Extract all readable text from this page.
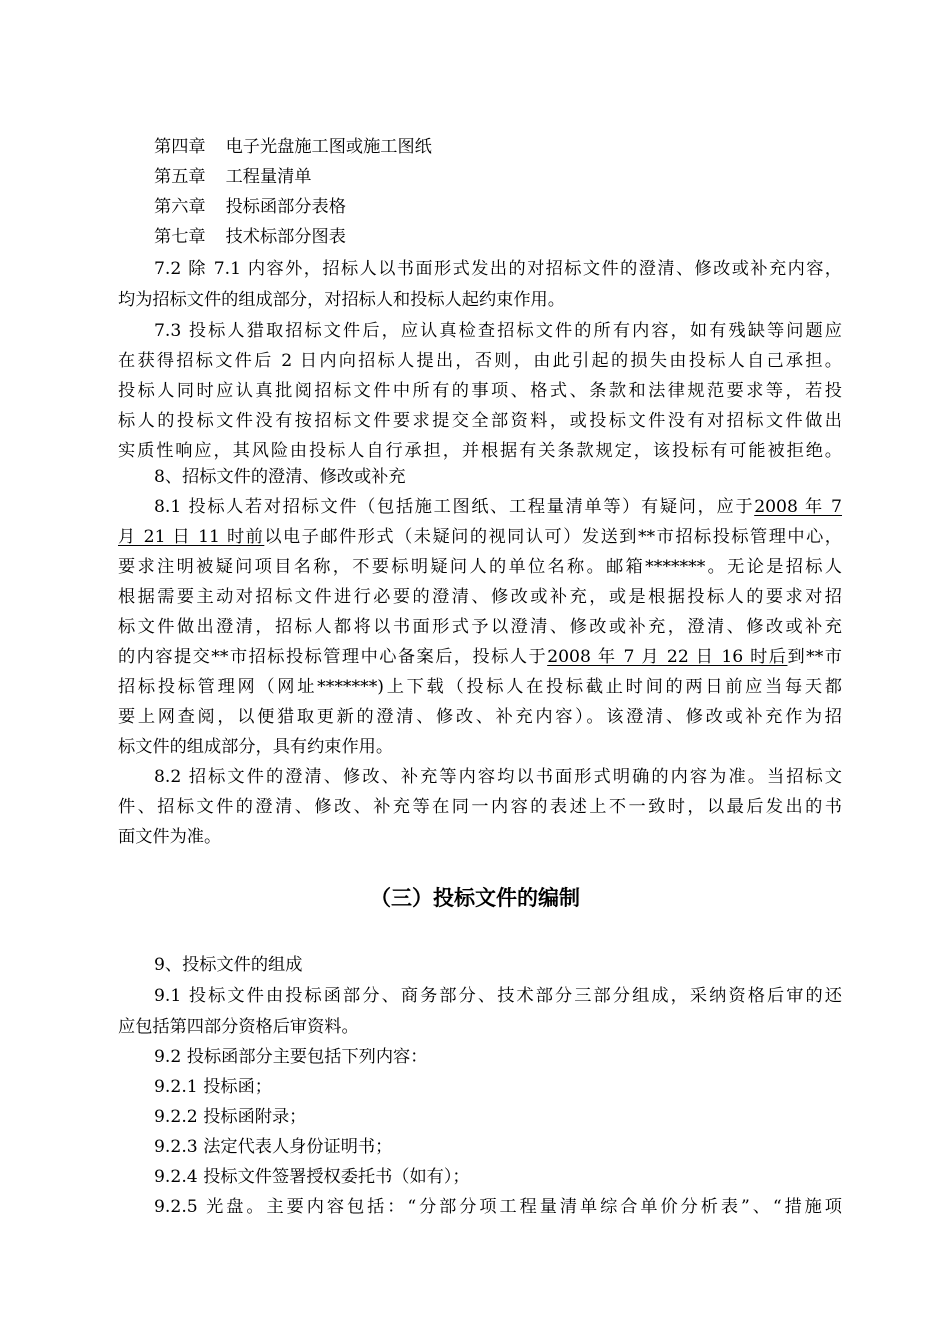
第四章 电子光盘施工图或施工图纸
第五章 工程量清单
第六章 投标函部分表格
第七章 技术标部分图表
7.2 除 7.1 内容外，招标人以书面形式发出的对招标文件的澄清、修改或补充内容，
均为招标文件的组成部分，对招标人和投标人起约束作用。
7.3 投标人猎取招标文件后，应认真检查招标文件的所有内容，如有残缺等问题应
在获得招标文件后 2 日内向招标人提出，否则，由此引起的损失由投标人自己承担。
投标人同时应认真批阅招标文件中所有的事项、格式、条款和法律规范要求等，若投
标人的投标文件没有按招标文件要求提交全部资料，或投标文件没有对招标文件做出
实质性响应，其风险由投标人自行承担，并根据有关条款规定，该投标有可能被拒绝。
8、招标文件的澄清、修改或补充
8.1 投标人若对招标文件（包括施工图纸、工程量清单等）有疑问，应于2008 年 7
月 21 日 11 时前以电子邮件形式（未疑问的视同认可）发送到**市招标投标管理中心，
要求注明被疑问项目名称，不要标明疑问人的单位名称。邮箱*******。无论是招标人
根据需要主动对招标文件进行必要的澄清、修改或补充，或是根据投标人的要求对招
标文件做出澄清，招标人都将以书面形式予以澄清、修改或补充，澄清、修改或补充
的内容提交**市招标投标管理中心备案后，投标人于2008 年 7 月 22 日 16 时后到**市
招标投标管理网（网址*******)上下载（投标人在投标截止时间的两日前应当每天都
要上网查阅，以便猎取更新的澄清、修改、补充内容）。该澄清、修改或补充作为招
标文件的组成部分，具有约束作用。
8.2 招标文件的澄清、修改、补充等内容均以书面形式明确的内容为准。当招标文
件、招标文件的澄清、修改、补充等在同一内容的表述上不一致时，以最后发出的书
面文件为准。
9、投标文件的组成
9.1 投标文件由投标函部分、商务部分、技术部分三部分组成，采纳资格后审的还
应包括第四部分资格后审资料。
9.2 投标函部分主要包括下列内容：
9.2.1 投标函；
9.2.2 投标函附录；
9.2.3 法定代表人身份证明书；
9.2.4 投标文件签署授权委托书（如有）；
9.2.5 光盘。主要内容包括：“分部分项工程量清单综合单价分析表”、“措施项
（三）投标文件的编制
